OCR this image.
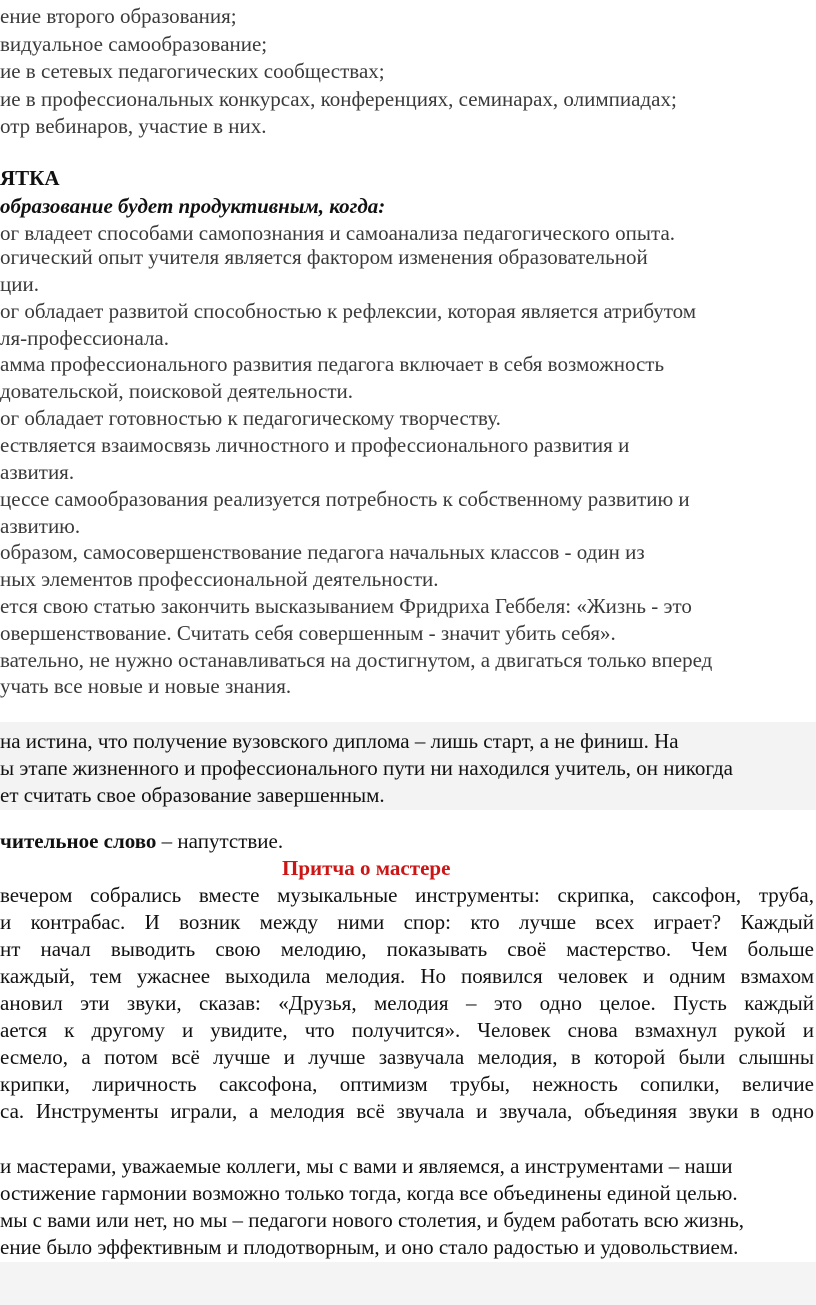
ение второго образования;
видуальное самообразование;
ие в сетевых педагогических сообществах;
ие в профессиональных конкурсах, конференциях, семинарах, олимпиадах;
отр вебинаров, участие в них.
ЯТКА
образование будет продуктивным, когда:
ог владеет способами самопознания и самоанализа педагогического опыта.
огический опыт учителя является фактором изменения образовательной
ции.
ог обладает развитой способностью к рефлексии, которая является атрибутом
ля-профессионала.
амма профессионального развития педагога включает в себя возможность
довательской, поисковой деятельности.
ог обладает готовностью к педагогическому творчеству.
ествляется взаимосвязь личностного и профессионального развития и
азвития.
цессе самообразования реализуется потребность к собственному развитию и
азвитию.
образом, самосовершенствование педагога начальных классов - один из
ных элементов профессиональной деятельности.
ется свою статью закончить высказыванием Фридриха Геббеля: «Жизнь - это
овершенствование. Считать себя совершенным - значит убить себя».
вательно, не нужно останавливаться на достигнутом, а двигаться только вперед
учать все новые и новые знания.
на истина, что получение вузовского диплома – лишь старт, а не финиш. На
ы этапе жизненного и профессионального пути ни находился учитель, он никогда
ет считать свое образование завершенным.
чительное слово – напутствие.
Притча о мастере
вечером собрались вместе музыкальные инструменты: скрипка, саксофон, труба,
и контрабас. И возник между ними спор: кто лучше всех играет? Каждый
нт начал выводить свою мелодию, показывать своё мастерство. Чем больше
каждый, тем ужаснее выходила мелодия. Но появился человек и одним взмахом
ановил эти звуки, сказав: «Друзья, мелодия – это одно целое. Пусть каждый
ается к другому и увидите, что получится». Человек снова взмахнул рукой и
есмело, а потом всё лучше и лучше зазвучала мелодия, в которой были слышны
крипки, лиричность саксофона, оптимизм трубы, нежность сопилки, величие
са. Инструменты играли, а мелодия всё звучала и звучала, объединяя звуки в одно
и мастерами, уважаемые коллеги, мы с вами и являемся, а инструментами – наши
остижение гармонии возможно только тогда, когда все объединены единой целью.
мы с вами или нет, но мы – педагоги нового столетия, и будем работать всю жизнь,
ение было эффективным и плодотворным, и оно стало радостью и удовольствием.
